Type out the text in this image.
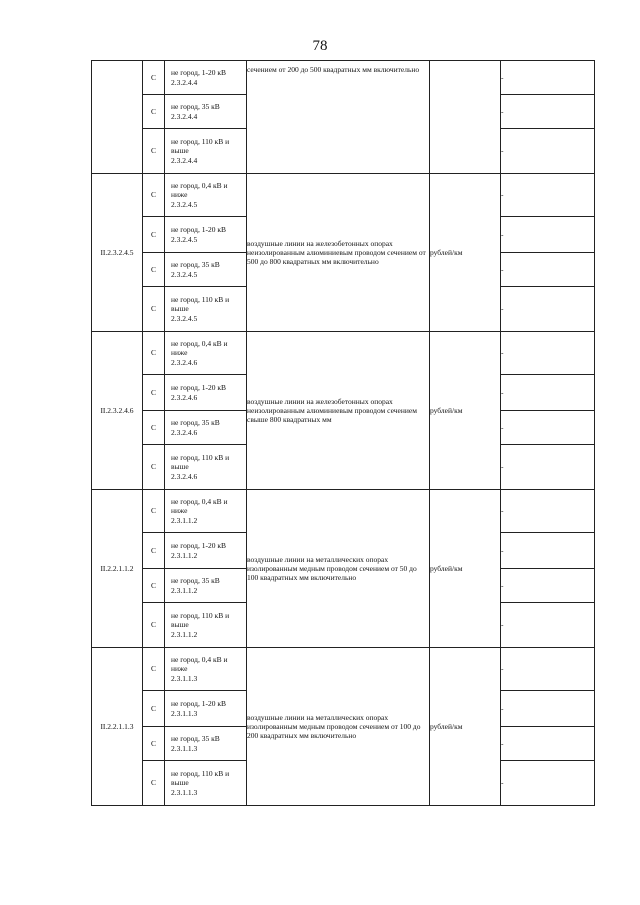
78
	С	не город, 1-20 кВ
2.3.2.4.4	сечением от 200 до 500 квадратных мм включительно		-
	С	не город, 35 кВ
2.3.2.4.4			-
	С	не город, 110 кВ и
выше
2.3.2.4.4			-
II.2.3.2.4.5	С	не город, 0,4 кВ и
ниже
2.3.2.4.5	воздушные линии на железобетонных опорах неизолированным алюминиевым проводом сечением от 500 до 800 квадратных мм включительно	рублей/км	-
	С	не город, 1-20 кВ
2.3.2.4.5			-
	С	не город, 35 кВ
2.3.2.4.5			-
	С	не город, 110 кВ и
выше
2.3.2.4.5			-
II.2.3.2.4.6	С	не город, 0,4 кВ и
ниже
2.3.2.4.6	воздушные линии на железобетонных опорах неизолированным алюминиевым проводом сечением свыше 800 квадратных мм	рублей/км	-
	С	не город, 1-20 кВ
2.3.2.4.6			-
	С	не город, 35 кВ
2.3.2.4.6			-
	С	не город, 110 кВ и
выше
2.3.2.4.6			-
II.2.2.1.1.2	С	не город, 0,4 кВ и
ниже
2.3.1.1.2	воздушные линии на металлических опорах изолированным медным проводом сечением от 50 до 100 квадратных мм включительно	рублей/км	-
	С	не город, 1-20 кВ
2.3.1.1.2			-
	С	не город, 35 кВ
2.3.1.1.2			-
	С	не город, 110 кВ и
выше
2.3.1.1.2			-
II.2.2.1.1.3	С	не город, 0,4 кВ и
ниже
2.3.1.1.3	воздушные линии на металлических опорах изолированным медным проводом сечением от 100 до 200 квадратных мм включительно	рублей/км	-
	С	не город, 1-20 кВ
2.3.1.1.3			-
	С	не город, 35 кВ
2.3.1.1.3			-
	С	не город, 110 кВ и
выше
2.3.1.1.3			-
